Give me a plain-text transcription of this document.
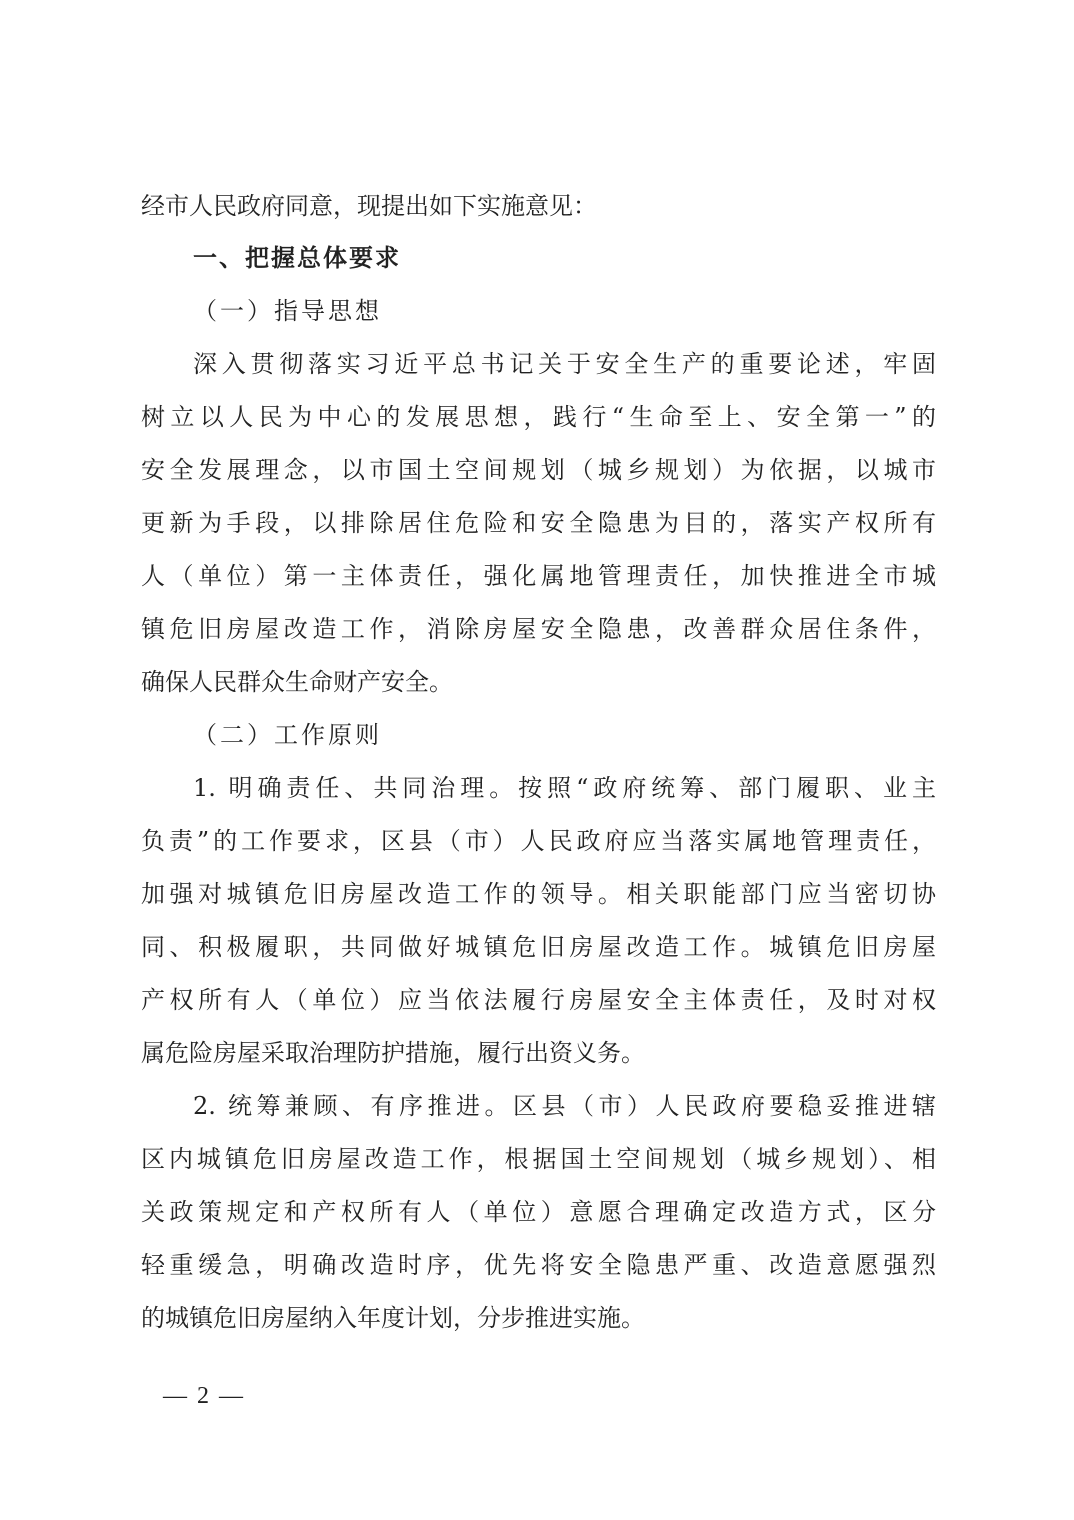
经市人民政府同意，现提出如下实施意见：
一、把握总体要求
（一）指导思想
深入贯彻落实习近平总书记关于安全生产的重要论述，牢固
树立以人民为中心的发展思想，践行“生命至上、安全第一”的
安全发展理念，以市国土空间规划（城乡规划）为依据，以城市
更新为手段，以排除居住危险和安全隐患为目的，落实产权所有
人（单位）第一主体责任，强化属地管理责任，加快推进全市城
镇危旧房屋改造工作，消除房屋安全隐患，改善群众居住条件，
确保人民群众生命财产安全。
（二）工作原则
1. 明确责任、共同治理。按照“政府统筹、部门履职、业主
负责”的工作要求，区县（市）人民政府应当落实属地管理责任，
加强对城镇危旧房屋改造工作的领导。相关职能部门应当密切协
同、积极履职，共同做好城镇危旧房屋改造工作。城镇危旧房屋
产权所有人（单位）应当依法履行房屋安全主体责任，及时对权
属危险房屋采取治理防护措施，履行出资义务。
2. 统筹兼顾、有序推进。区县（市）人民政府要稳妥推进辖
区内城镇危旧房屋改造工作，根据国土空间规划（城乡规划）、相
关政策规定和产权所有人（单位）意愿合理确定改造方式，区分
轻重缓急，明确改造时序，优先将安全隐患严重、改造意愿强烈
的城镇危旧房屋纳入年度计划，分步推进实施。
— 2 —
